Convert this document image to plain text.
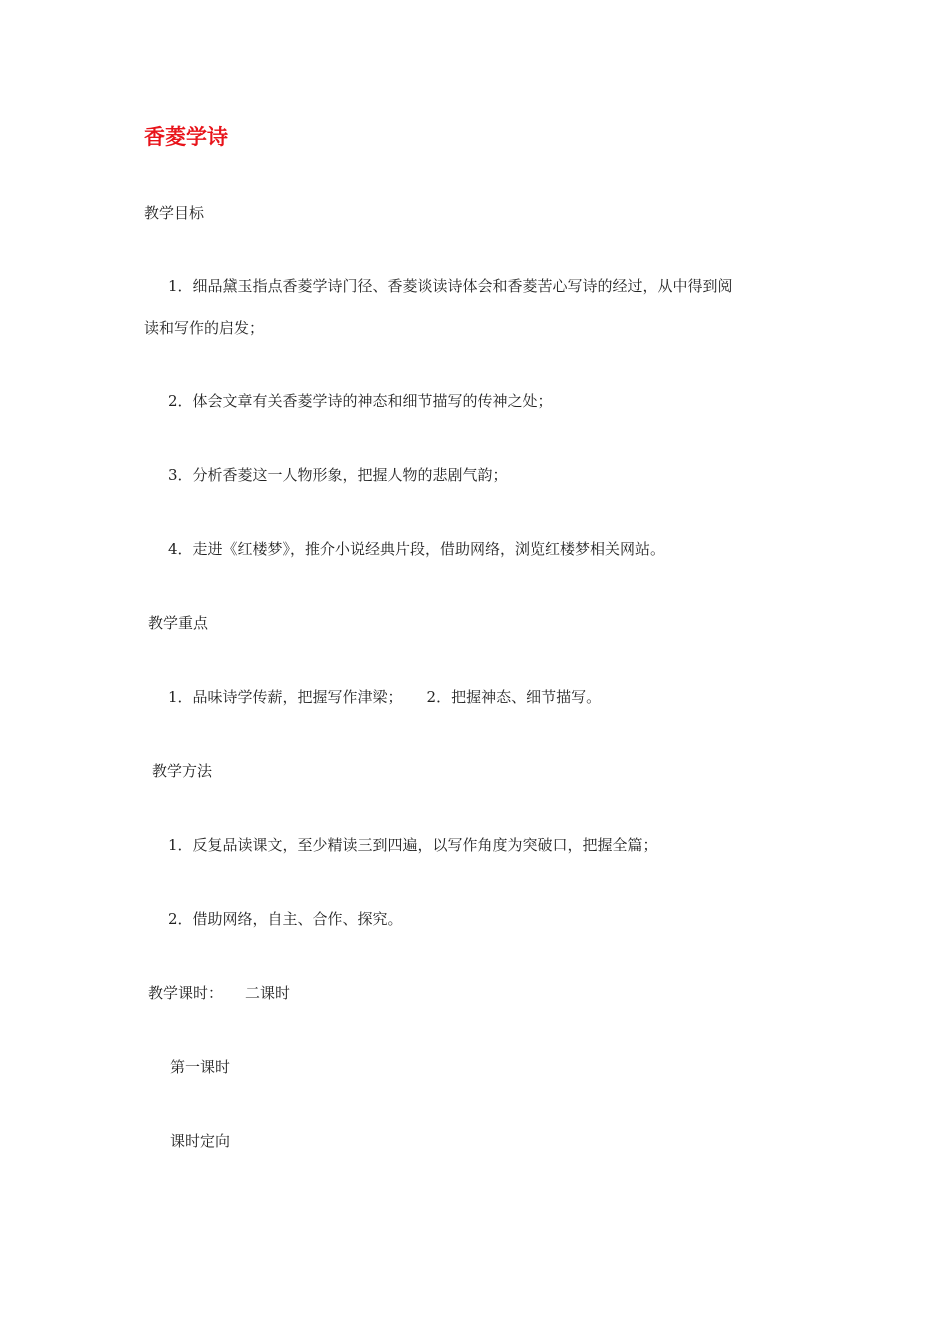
香菱学诗
教学目标
1．细品黛玉指点香菱学诗门径、香菱谈读诗体会和香菱苦心写诗的经过，从中得到阅
读和写作的启发；
2．体会文章有关香菱学诗的神态和细节描写的传神之处；
3．分析香菱这一人物形象，把握人物的悲剧气韵；
4．走进《红楼梦》，推介小说经典片段，借助网络，浏览红楼梦相关网站。
教学重点
1．品味诗学传薪，把握写作津梁； 2．把握神态、细节描写。
教学方法
1．反复品读课文，至少精读三到四遍，以写作角度为突破口，把握全篇；
2．借助网络，自主、合作、探究。
教学课时： 二课时
第一课时
课时定向
